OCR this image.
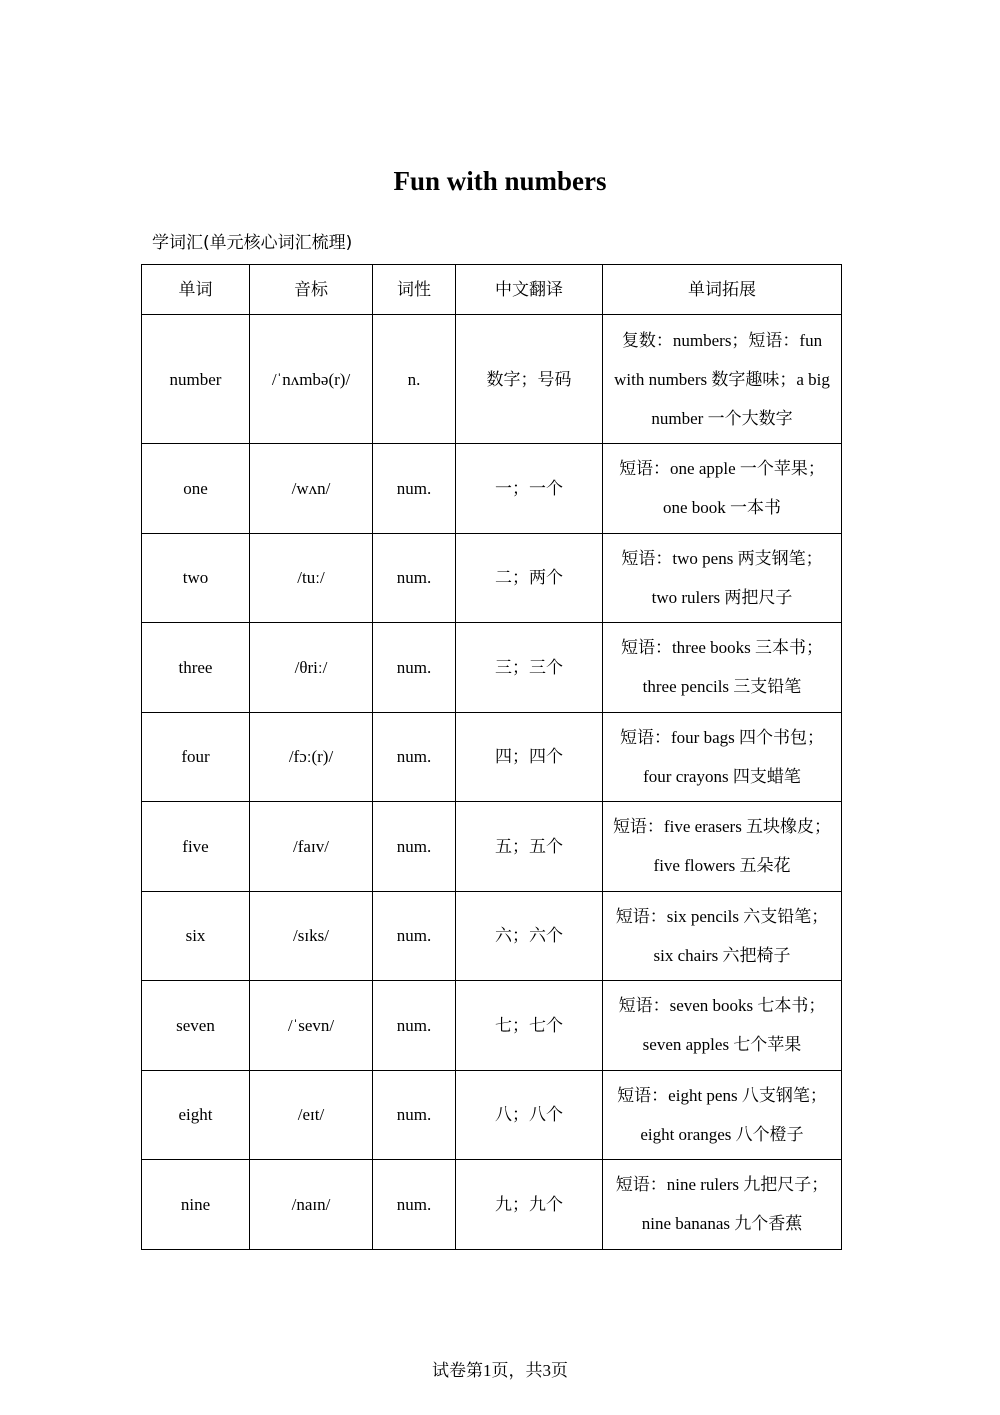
Fun with numbers
学词汇(单元核心词汇梳理)
单词	音标	词性	中文翻译	单词拓展
number	/ˈnʌmbə(r)/	n.	数字；号码	复数：numbers；短语：fun with numbers 数字趣味；a big number 一个大数字
one	/wʌn/	num.	一；一个	短语：one apple 一个苹果；one book 一本书
two	/tuː/	num.	二；两个	短语：two pens 两支钢笔；two rulers 两把尺子
three	/θriː/	num.	三；三个	短语：three books 三本书；three pencils 三支铅笔
four	/fɔː(r)/	num.	四；四个	短语：four bags 四个书包；four crayons 四支蜡笔
five	/faɪv/	num.	五；五个	短语：five erasers 五块橡皮；five flowers 五朵花
six	/sɪks/	num.	六；六个	短语：six pencils 六支铅笔；six chairs 六把椅子
seven	/ˈsevn/	num.	七；七个	短语：seven books 七本书；seven apples 七个苹果
eight	/eɪt/	num.	八；八个	短语：eight pens 八支钢笔；eight oranges 八个橙子
nine	/naɪn/	num.	九；九个	短语：nine rulers 九把尺子；nine bananas 九个香蕉
试卷第1页，共3页
